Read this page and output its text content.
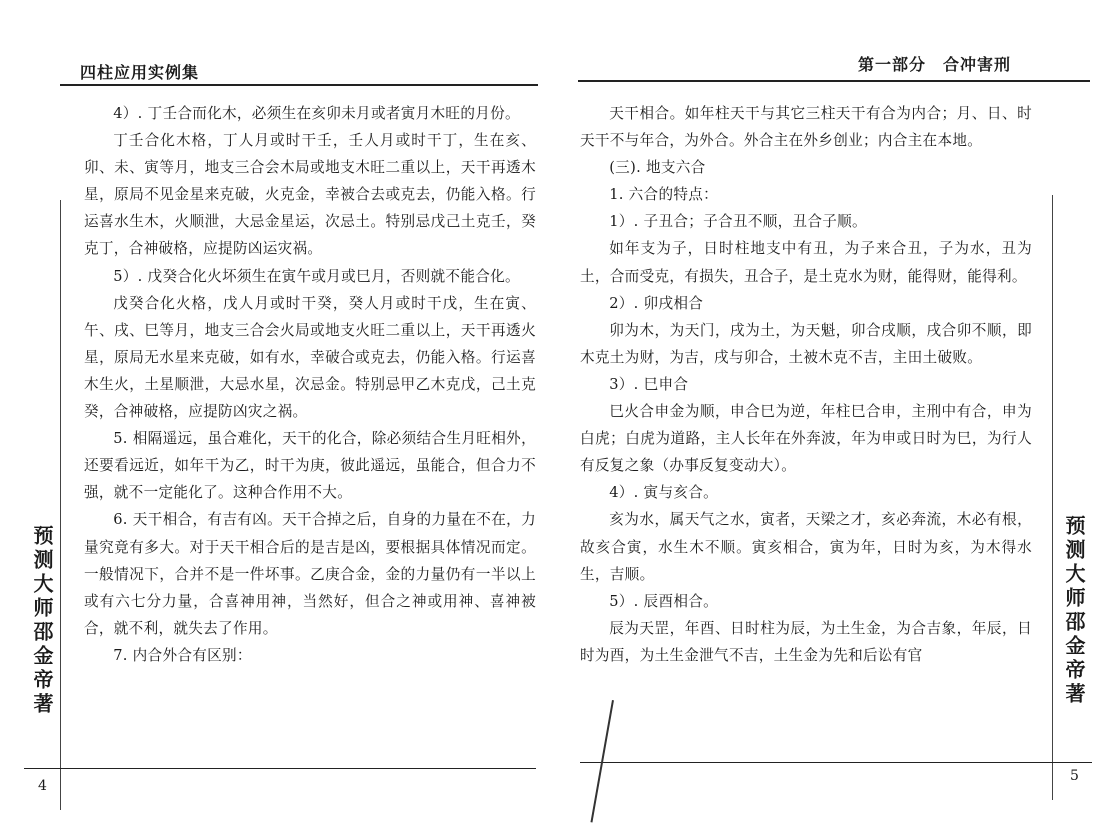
四柱应用实例集

4）. 丁壬合而化木，必须生在亥卯未月或者寅月木旺的月份。

丁壬合化木格，丁人月或时干壬，壬人月或时干丁，生在亥、卯、未、寅等月，地支三合会木局或地支木旺二重以上，天干再透木星，原局不见金星来克破，火克金，幸被合去或克去，仍能入格。行运喜水生木，火顺泄，大忌金星运，次忌土。特别忌戊己土克壬，癸克丁，合神破格，应提防凶运灾祸。

5）. 戊癸合化火坏须生在寅午或月或巳月，否则就不能合化。

戊癸合化火格，戊人月或时干癸，癸人月或时干戊，生在寅、午、戌、巳等月，地支三合会火局或地支火旺二重以上，天干再透火星，原局无水星来克破，如有水，幸破合或克去，仍能入格。行运喜木生火，土星顺泄，大忌水星，次忌金。特别忌甲乙木克戊，己土克癸，合神破格，应提防凶灾之祸。

5. 相隔遥远，虽合难化，天干的化合，除必须结合生月旺相外，还要看远近，如年干为乙，时干为庚，彼此遥远，虽能合，但合力不强，就不一定能化了。这种合作用不大。

6. 天干相合，有吉有凶。天干合掉之后，自身的力量在不在，力量究竟有多大。对于天干相合后的是吉是凶，要根据具体情况而定。一般情况下，合并不是一件坏事。乙庚合金，金的力量仍有一半以上或有六七分力量，合喜神用神，当然好，但合之神或用神、喜神被合，就不利，就失去了作用。

7. 内合外合有区别：

预测大师邵金帝著
4
第一部分　合冲害刑

天干相合。如年柱天干与其它三柱天干有合为内合；月、日、时天干不与年合，为外合。外合主在外乡创业；内合主在本地。

(三). 地支六合

1. 六合的特点：

1）. 子丑合；子合丑不顺，丑合子顺。

如年支为子，日时柱地支中有丑，为子来合丑，子为水，丑为土，合而受克，有损失，丑合子，是土克水为财，能得财，能得利。

2）. 卯戌相合

卯为木，为天门，戌为土，为天魁，卯合戌顺，戌合卯不顺，即木克土为财，为吉，戌与卯合，土被木克不吉，主田土破败。

3）. 巳申合

巳火合申金为顺，申合巳为逆，年柱巳合申，主刑中有合，申为白虎；白虎为道路，主人长年在外奔波，年为申或日时为巳，为行人有反复之象（办事反复变动大）。

4）. 寅与亥合。

亥为水，属天气之水，寅者，天梁之才，亥必奔流，木必有根，故亥合寅，水生木不顺。寅亥相合，寅为年，日时为亥，为木得水生，吉顺。

5）. 辰酉相合。

辰为天罡，年酉、日时柱为辰，为土生金，为合吉象，年辰，日时为酉，为土生金泄气不吉，土生金为先和后讼有官	预测大师邵金帝著
5
